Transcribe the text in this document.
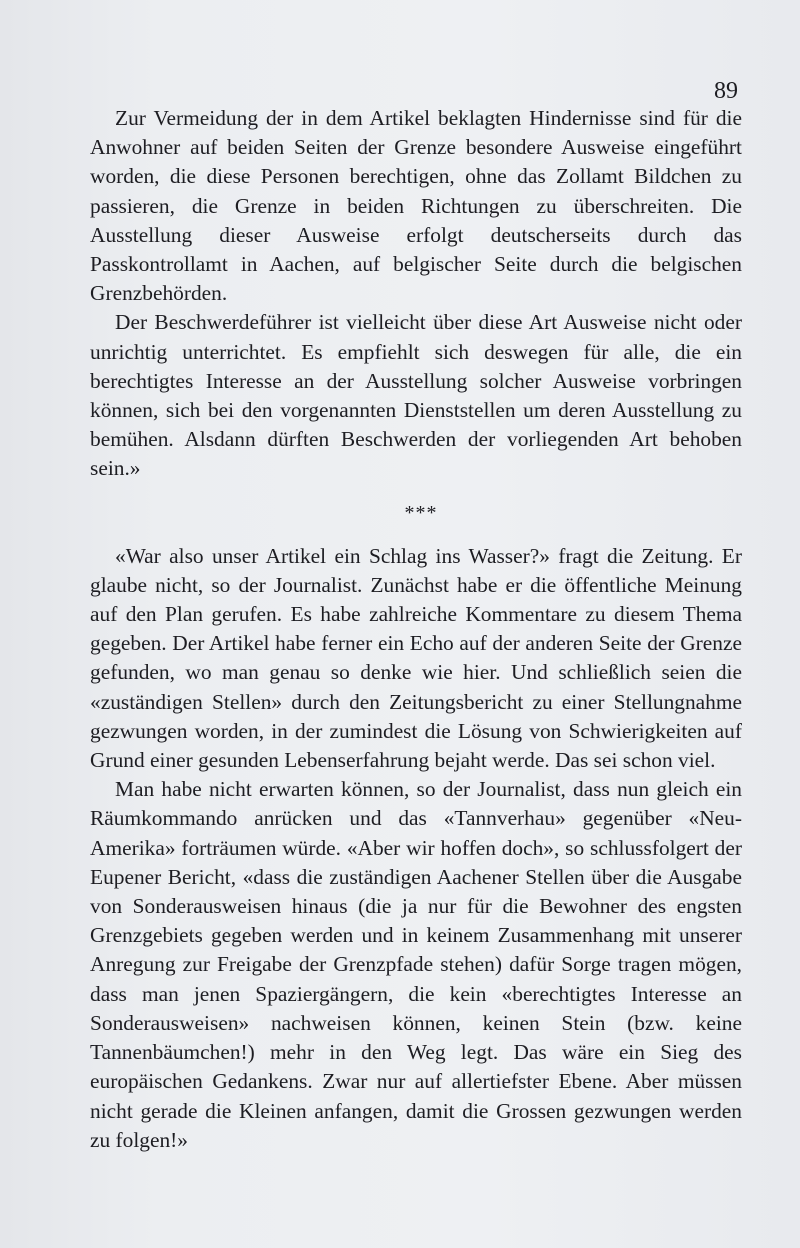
89

Zur Vermeidung der in dem Artikel beklagten Hindernisse sind für die Anwohner auf beiden Seiten der Grenze besondere Ausweise eingeführt worden, die diese Personen berechtigen, ohne das Zollamt Bildchen zu passieren, die Grenze in beiden Richtungen zu überschreiten. Die Ausstellung dieser Ausweise erfolgt deutscherseits durch das Passkontrollamt in Aachen, auf belgischer Seite durch die belgischen Grenzbehörden.

Der Beschwerdeführer ist vielleicht über diese Art Ausweise nicht oder unrichtig unterrichtet. Es empfiehlt sich deswegen für alle, die ein berechtigtes Interesse an der Ausstellung solcher Ausweise vorbringen können, sich bei den vorgenannten Dienststellen um deren Ausstellung zu bemühen. Alsdann dürften Beschwerden der vorliegenden Art behoben sein.»

***

«War also unser Artikel ein Schlag ins Wasser?» fragt die Zeitung. Er glaube nicht, so der Journalist. Zunächst habe er die öffentliche Meinung auf den Plan gerufen. Es habe zahlreiche Kommentare zu diesem Thema gegeben. Der Artikel habe ferner ein Echo auf der anderen Seite der Grenze gefunden, wo man genau so denke wie hier. Und schließlich seien die «zuständigen Stellen» durch den Zeitungsbericht zu einer Stellungnahme gezwungen worden, in der zumindest die Lösung von Schwierigkeiten auf Grund einer gesunden Lebenserfahrung bejaht werde. Das sei schon viel.

Man habe nicht erwarten können, so der Journalist, dass nun gleich ein Räumkommando anrücken und das «Tannverhau» gegenüber «Neu-Amerika» forträumen würde. «Aber wir hoffen doch», so schlussfolgert der Eupener Bericht, «dass die zuständigen Aachener Stellen über die Ausgabe von Sonderausweisen hinaus (die ja nur für die Bewohner des engsten Grenzgebiets gegeben werden und in keinem Zusammenhang mit unserer Anregung zur Freigabe der Grenzpfade stehen) dafür Sorge tragen mögen, dass man jenen Spaziergängern, die kein «berechtigtes Interesse an Sonderausweisen» nachweisen können, keinen Stein (bzw. keine Tannenbäumchen!) mehr in den Weg legt. Das wäre ein Sieg des europäischen Gedankens. Zwar nur auf allertiefster Ebene. Aber müssen nicht gerade die Kleinen anfangen, damit die Grossen gezwungen werden zu folgen!»
